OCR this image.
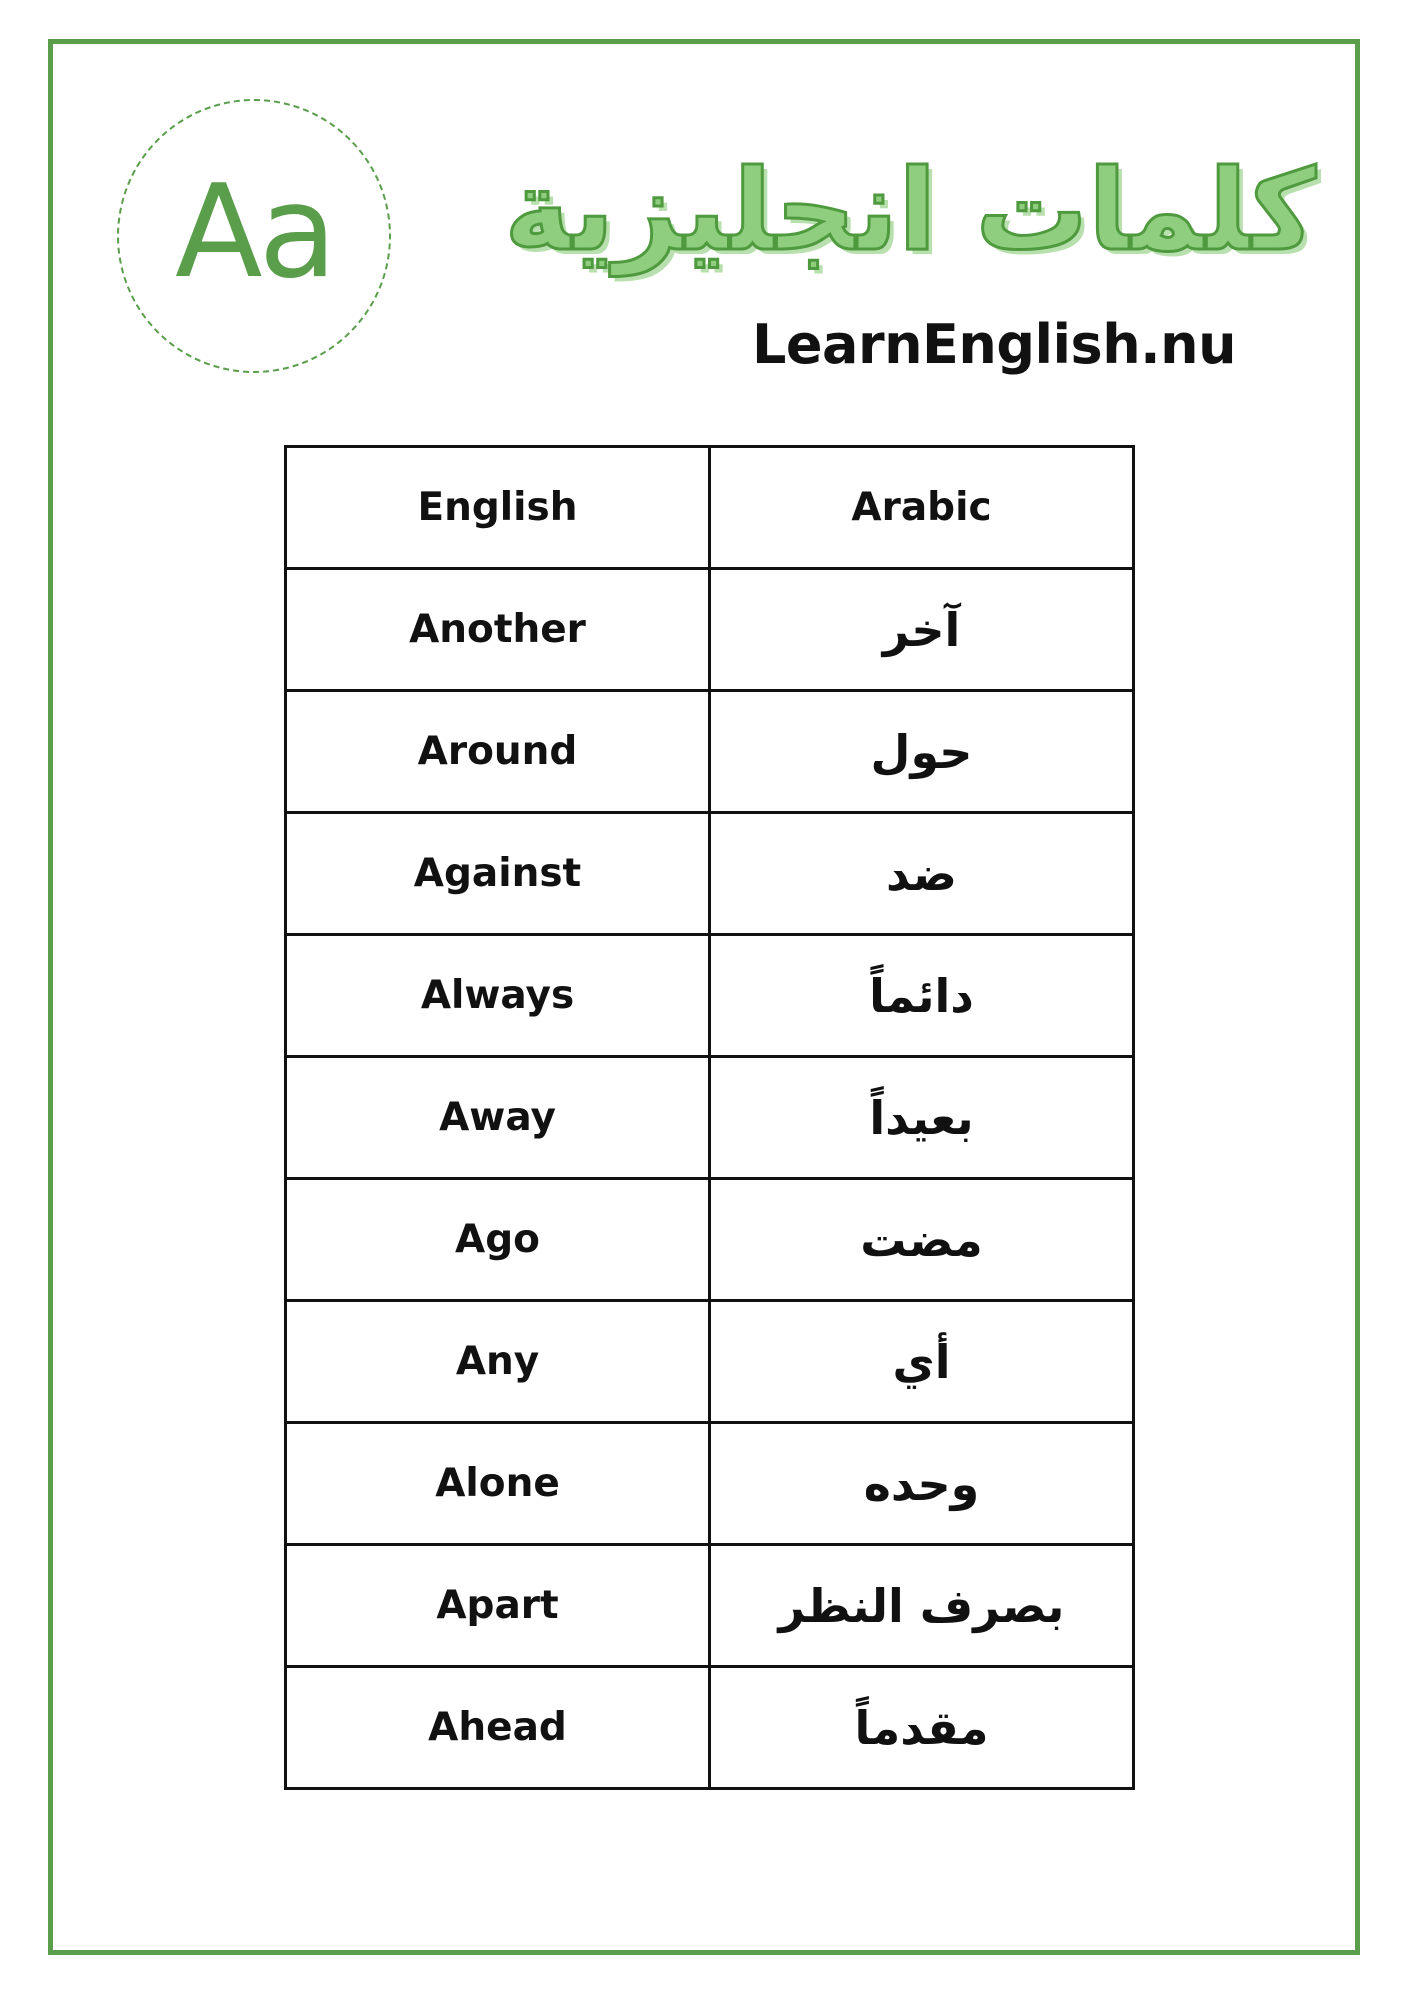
Aa كلمات انجليزية
LearnEnglish.nu
English	Arabic
Another	آخر
Around	حول
Against	ضد
Always	دائماً
Away	بعيداً
Ago	مضت
Any	أي
Alone	وحده
Apart	بصرف النظر
Ahead	مقدماً
